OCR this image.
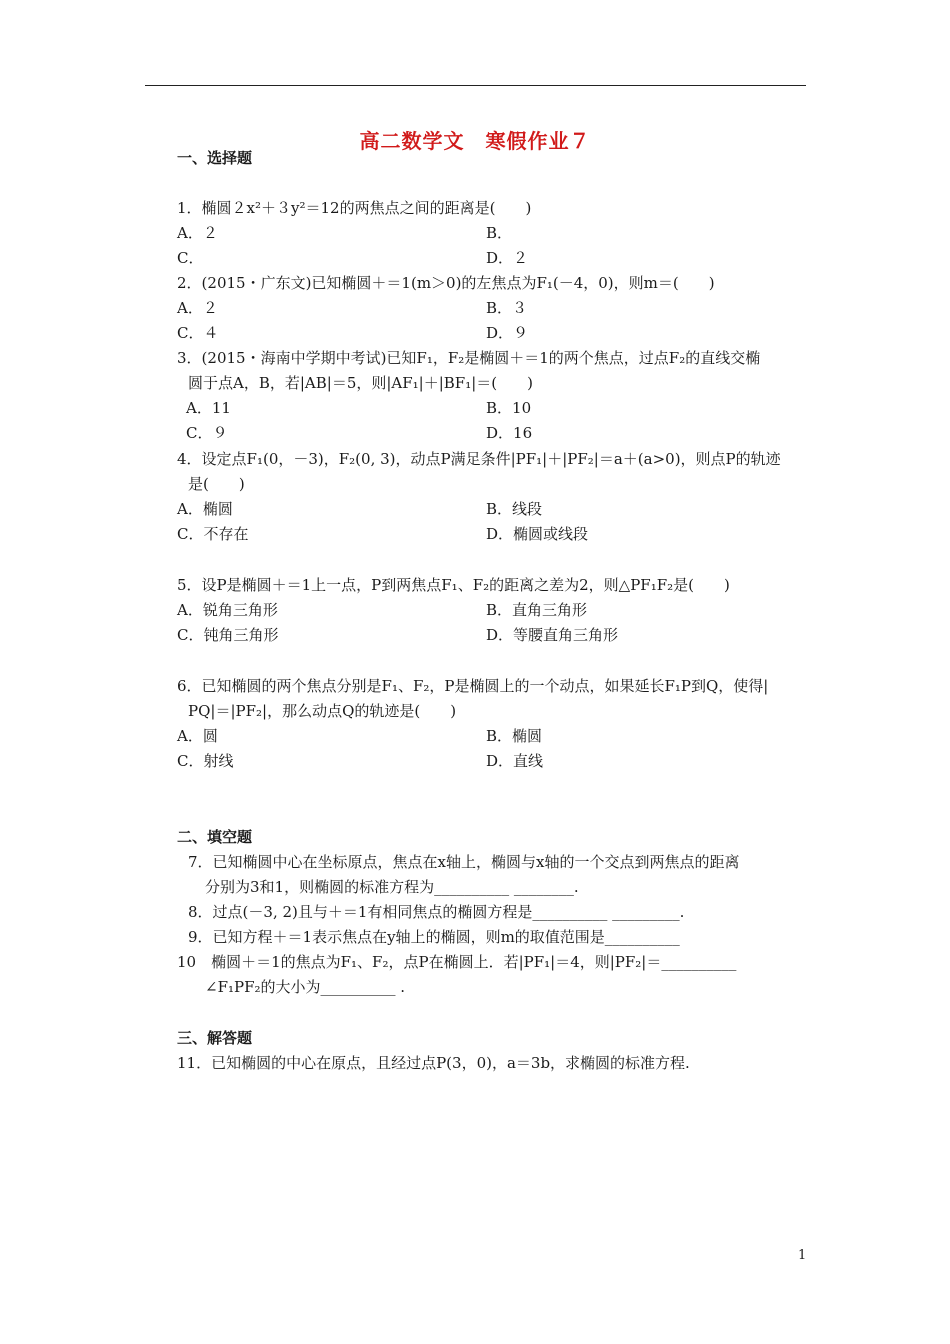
高二数学文　寒假作业７
一、选择题
1．椭圆２x²＋３y²＝12的两焦点之间的距离是(　　)
A．２	B．
C．	D．２
2．(2015・广东文)已知椭圆＋＝1(m＞0)的左焦点为F₁(－4，0)，则m＝(　　)
A．２	B．３
C．４	D．９
3．(2015・海南中学期中考试)已知F₁，F₂是椭圆＋＝1的两个焦点，过点F₂的直线交椭
圆于点A，B，若|AB|＝5，则|AF₁|＋|BF₁|＝(　　)
A．11	B．10
C．９	D．16
4．设定点F₁(0，－3)，F₂(0, 3)，动点P满足条件|PF₁|＋|PF₂|＝a＋(a>0)，则点P的轨迹
是(　　)
A．椭圆	B．线段
C．不存在	D．椭圆或线段
5．设P是椭圆＋＝1上一点，P到两焦点F₁、F₂的距离之差为2，则△PF₁F₂是(　　)
A．锐角三角形	B．直角三角形
C．钝角三角形	D．等腰直角三角形
6．已知椭圆的两个焦点分别是F₁、F₂，P是椭圆上的一个动点，如果延长F₁P到Q，使得|
PQ|＝|PF₂|，那么动点Q的轨迹是(　　)
A．圆	B．椭圆
C．射线	D．直线
二、填空题
7．已知椭圆中心在坐标原点，焦点在x轴上，椭圆与x轴的一个交点到两焦点的距离
分别为3和1，则椭圆的标准方程为__________ ________.
8．过点(－3, 2)且与＋＝1有相同焦点的椭圆方程是__________ _________.
9．已知方程＋＝1表示焦点在y轴上的椭圆，则m的取值范围是__________
10　椭圆＋＝1的焦点为F₁、F₂，点P在椭圆上．若|PF₁|＝4，则|PF₂|＝__________
∠F₁PF₂的大小为__________ .
三、解答题
11．已知椭圆的中心在原点，且经过点P(3，0)，a＝3b，求椭圆的标准方程.
1
